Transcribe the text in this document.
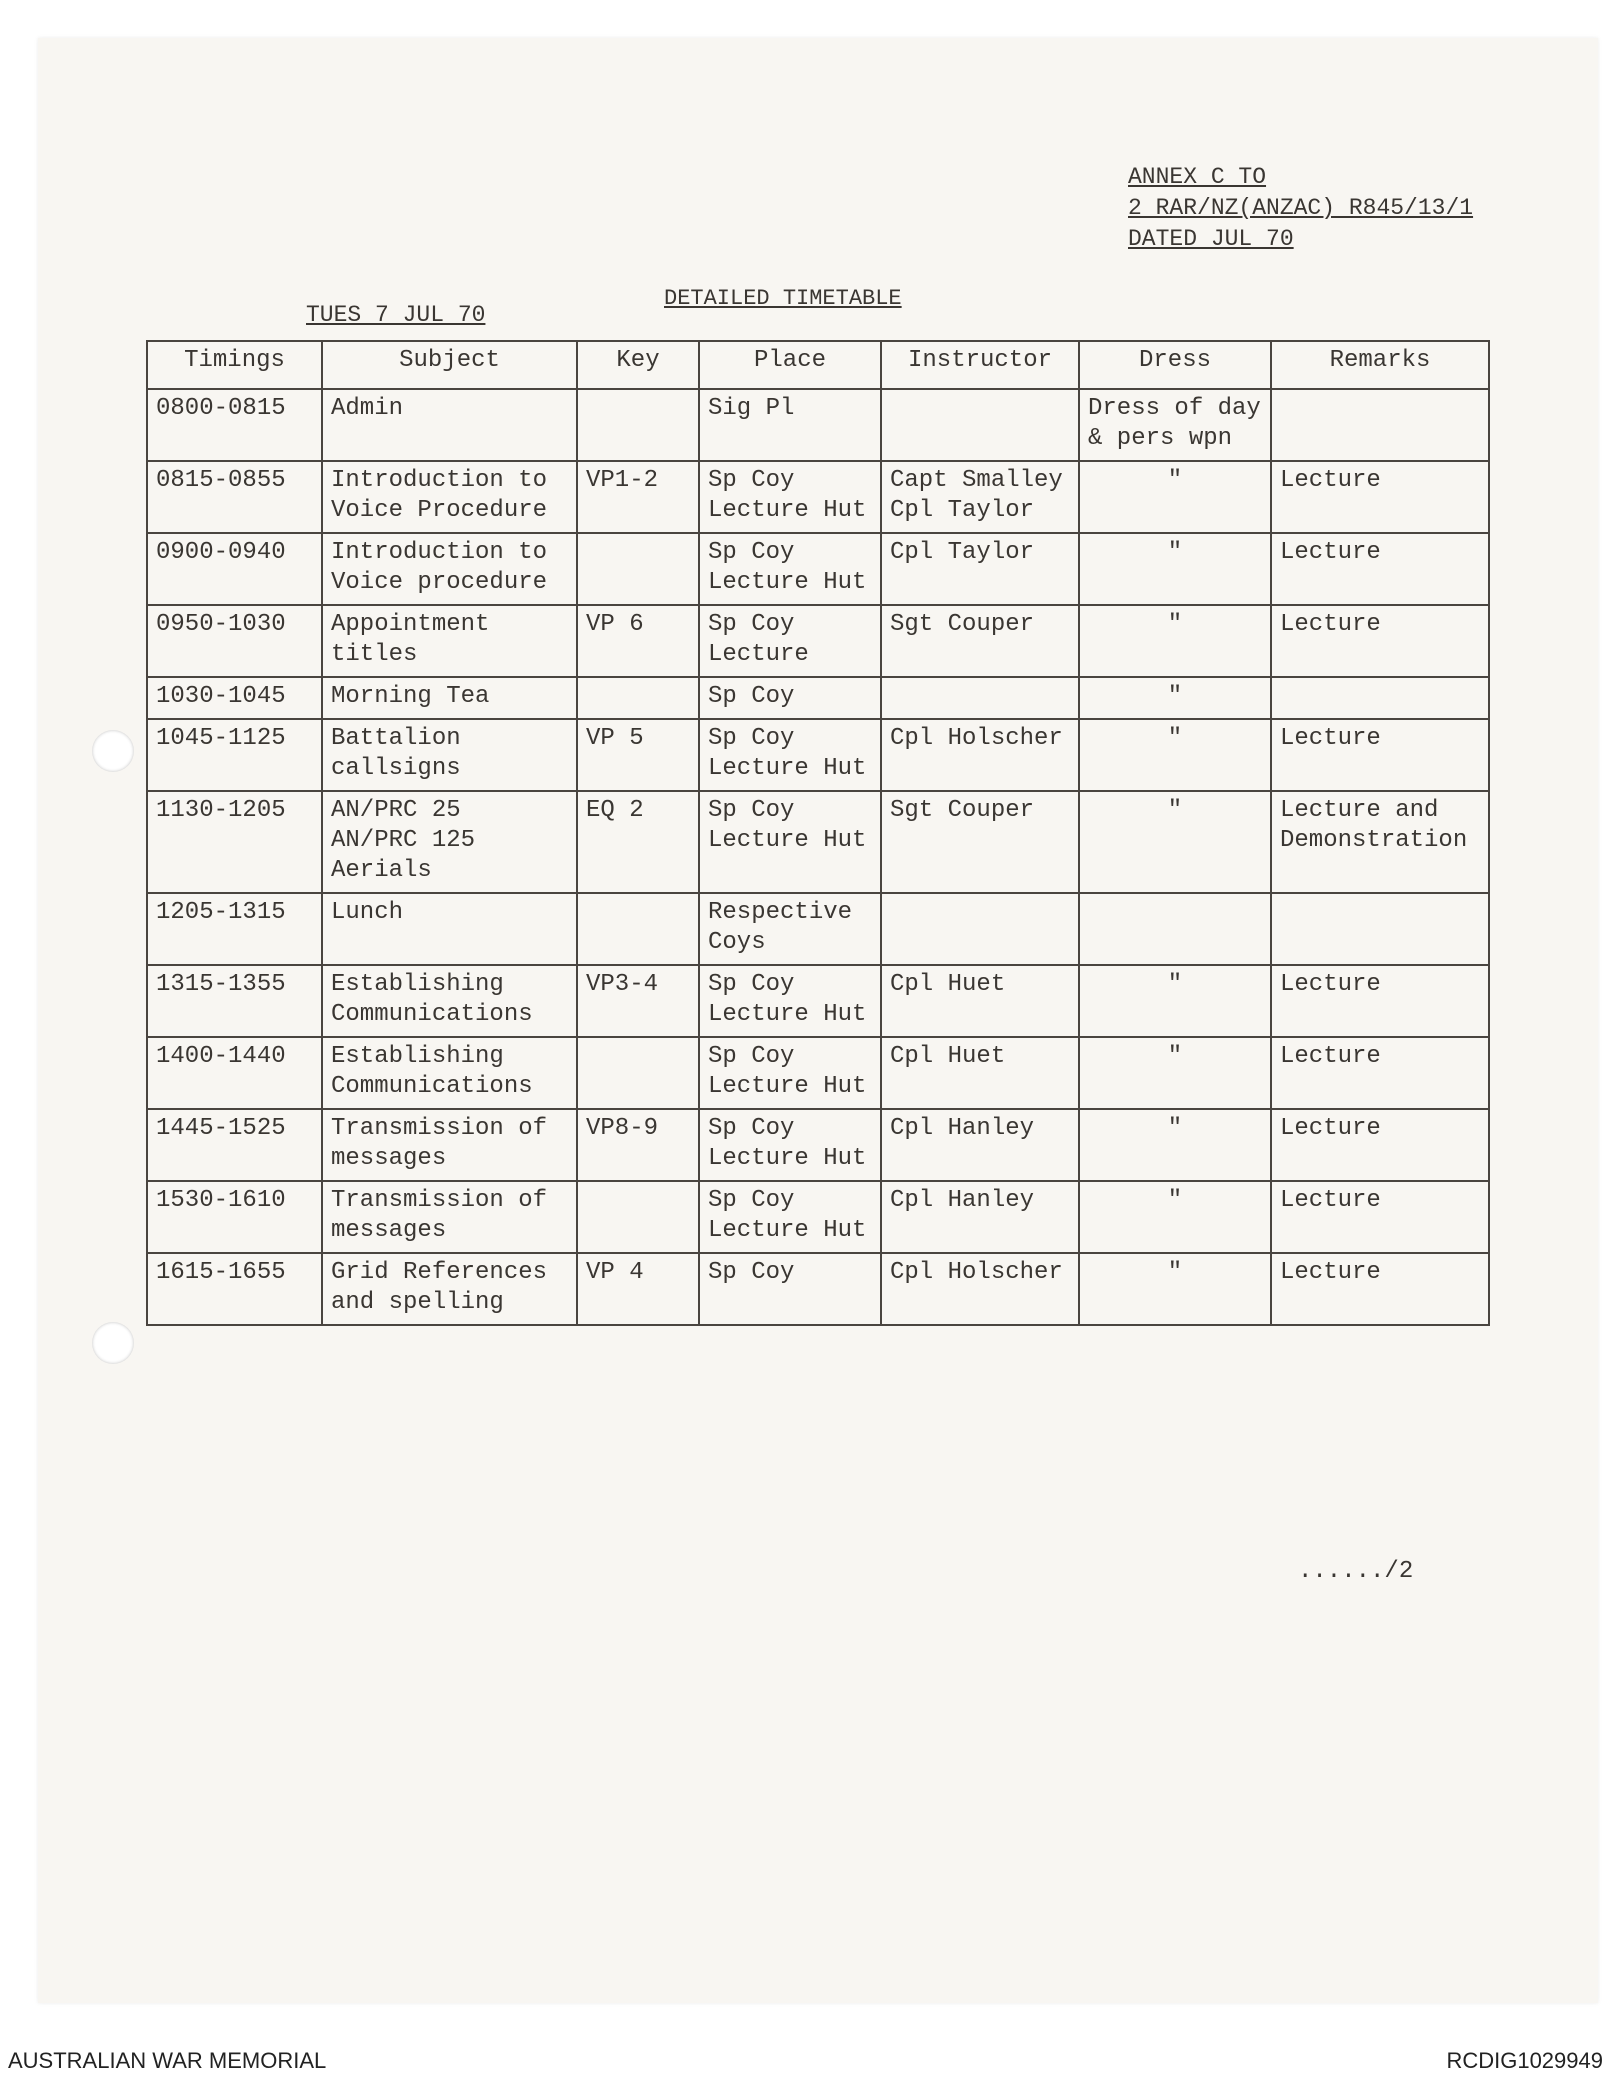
ANNEX C TO
2 RAR/NZ(ANZAC) R845/13/1
DATED JUL 70
DETAILED TIMETABLE
TUES 7 JUL 70
Timings	Subject	Key	Place	Instructor	Dress	Remarks
0800-0815	Admin		Sig Pl		Dress of day
& pers wpn	
0815-0855	Introduction to
Voice Procedure	VP1-2	Sp Coy
Lecture Hut	Capt Smalley
Cpl Taylor	"	Lecture
0900-0940	Introduction to
Voice procedure		Sp Coy
Lecture Hut	Cpl Taylor	"	Lecture
0950-1030	Appointment
titles	VP 6	Sp Coy
Lecture	Sgt Couper	"	Lecture
1030-1045	Morning Tea		Sp Coy		"	
1045-1125	Battalion
callsigns	VP 5	Sp Coy
Lecture Hut	Cpl Holscher	"	Lecture
1130-1205	AN/PRC 25
AN/PRC 125
Aerials	EQ 2	Sp Coy
Lecture Hut	Sgt Couper	"	Lecture and
Demonstration
1205-1315	Lunch		Respective
Coys			
1315-1355	Establishing
Communications	VP3-4	Sp Coy
Lecture Hut	Cpl Huet	"	Lecture
1400-1440	Establishing
Communications		Sp Coy
Lecture Hut	Cpl Huet	"	Lecture
1445-1525	Transmission of
messages	VP8-9	Sp Coy
Lecture Hut	Cpl Hanley	"	Lecture
1530-1610	Transmission of
messages		Sp Coy
Lecture Hut	Cpl Hanley	"	Lecture
1615-1655	Grid References
and spelling	VP 4	Sp Coy	Cpl Holscher	"	Lecture
....../2
AUSTRALIAN WAR MEMORIAL	RCDIG1029949
